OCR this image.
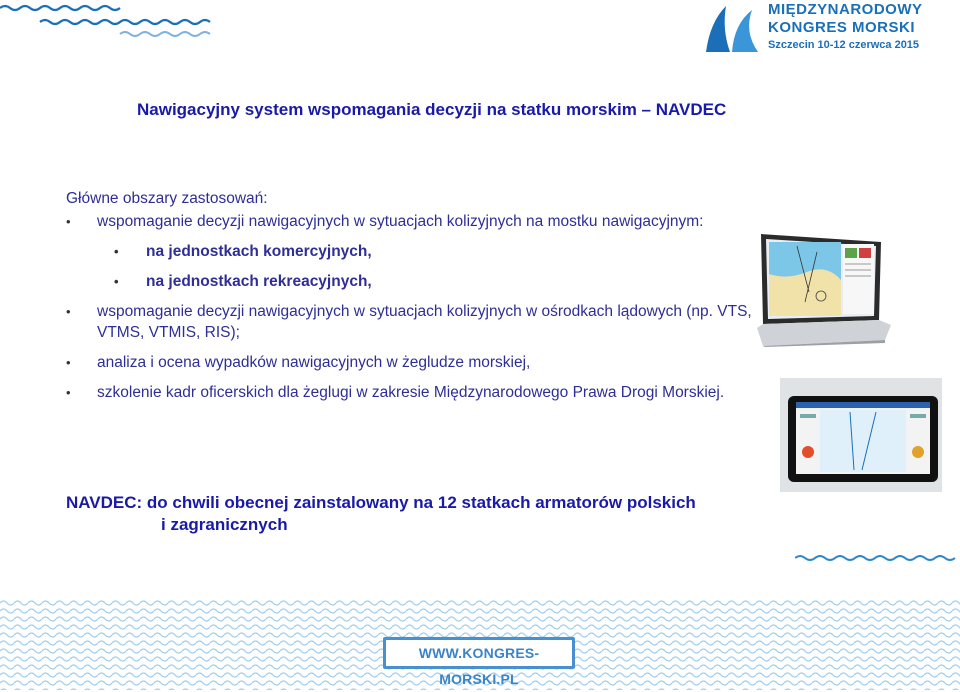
MIĘDZYNARODOWY
KONGRES MORSKI
Szczecin 10-12 czerwca 2015
Nawigacyjny system wspomagania decyzji na statku morskim – NAVDEC
Główne obszary zastosowań:
• wspomaganie decyzji nawigacyjnych w sytuacjach kolizyjnych na mostku nawigacyjnym:
• na jednostkach komercyjnych,
• na jednostkach rekreacyjnych,
• wspomaganie decyzji nawigacyjnych w sytuacjach kolizyjnych w ośrodkach lądowych (np. VTS, VTMS, VTMIS, RIS);
• analiza i ocena wypadków nawigacyjnych w żegludze morskiej,
• szkolenie kadr oficerskich dla żeglugi w zakresie Międzynarodowego Prawa Drogi Morskiej.
NAVDEC: do chwili obecnej zainstalowany na 12 statkach armatorów polskich
i zagranicznych
WWW.KONGRES-MORSKI.PL
